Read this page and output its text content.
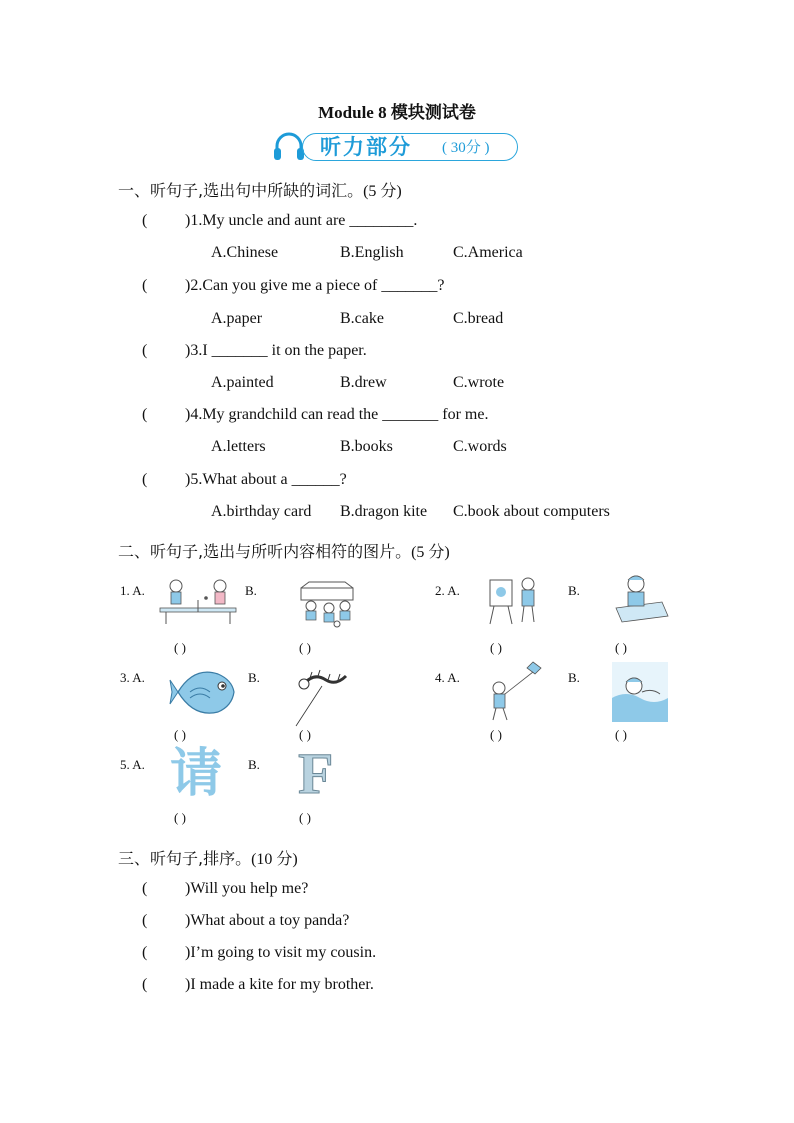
Module 8 模块测试卷
听力部分 ( 30分 )
一、听句子,选出句中所缺的词汇。(5 分)
( )1.My uncle and aunt are ________.
A.Chinese	B.English	C.America
( )2.Can you give me a piece of _______?
A.paper	B.cake	C.bread
( )3.I _______ it on the paper.
A.painted	B.drew	C.wrote
( )4.My grandchild can read the _______ for me.
A.letters	B.books	C.words
( )5.What about a ______?
A.birthday card B.dragon kite C.book about computers
二、听句子,选出与所听内容相符的图片。(5 分)
1. A.	B.	2. A.	B.
( )	( )	( )	( )
3. A.	B.	4. A.	B.
( )	( )	( )	( )
5. A.	B.
请 F
( )	( )
三、听句子,排序。(10 分)
( )Will you help me?
( )What about a toy panda?
( )I’m going to visit my cousin.
( )I made a kite for my brother.
